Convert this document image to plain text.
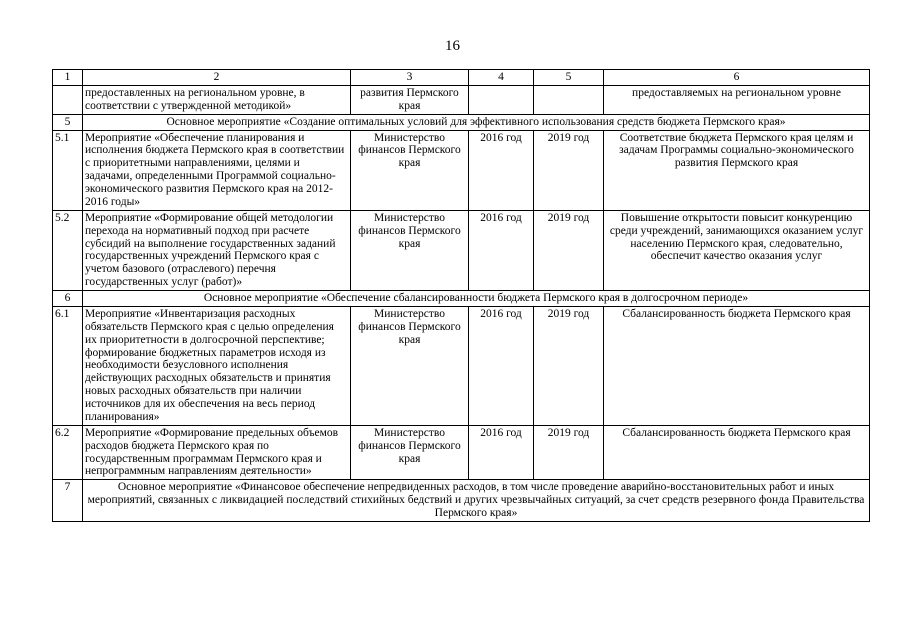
16
1	2	3	4	5	6
	предоставленных на региональном уровне, в соответствии с утвержденной методикой»	развития Пермского края			предоставляемых на региональном уровне
5	Основное мероприятие «Создание оптимальных условий для эффективного использования средств бюджета Пермского края»				
5.1	Мероприятие «Обеспечение планирования и исполнения бюджета Пермского края в соответствии с приоритетными направлениями, целями и задачами, определенными Программой социально-экономического развития Пермского края на 2012-2016 годы»	Министерство финансов Пермского края	2016 год	2019 год	Соответствие бюджета Пермского края целям и задачам Программы социально-экономического развития Пермского края
5.2	Мероприятие «Формирование общей методологии перехода на нормативный подход при расчете субсидий на выполнение государственных заданий государственных учреждений Пермского края с учетом базового (отраслевого) перечня государственных услуг (работ)»	Министерство финансов Пермского края	2016 год	2019 год	Повышение открытости повысит конкуренцию среди учреждений, занимающихся оказанием услуг населению Пермского края, следовательно, обеспечит качество оказания услуг
6	Основное мероприятие «Обеспечение сбалансированности бюджета Пермского края в долгосрочном периоде»				
6.1	Мероприятие «Инвентаризация расходных обязательств Пермского края с целью определения их приоритетности в долгосрочной перспективе; формирование бюджетных параметров исходя из необходимости безусловного исполнения действующих расходных обязательств и принятия новых расходных обязательств при наличии источников для их обеспечения на весь период планирования»	Министерство финансов Пермского края	2016 год	2019 год	Сбалансированность бюджета Пермского края
6.2	Мероприятие «Формирование предельных объемов расходов бюджета Пермского края по государственным программам Пермского края и непрограммным направлениям деятельности»	Министерство финансов Пермского края	2016 год	2019 год	Сбалансированность бюджета Пермского края
7	Основное мероприятие «Финансовое обеспечение непредвиденных расходов, в том числе проведение аварийно-восстановительных работ и иных мероприятий, связанных с ликвидацией последствий стихийных бедствий и других чрезвычайных ситуаций, за счет средств резервного фонда Правительства Пермского края»				
